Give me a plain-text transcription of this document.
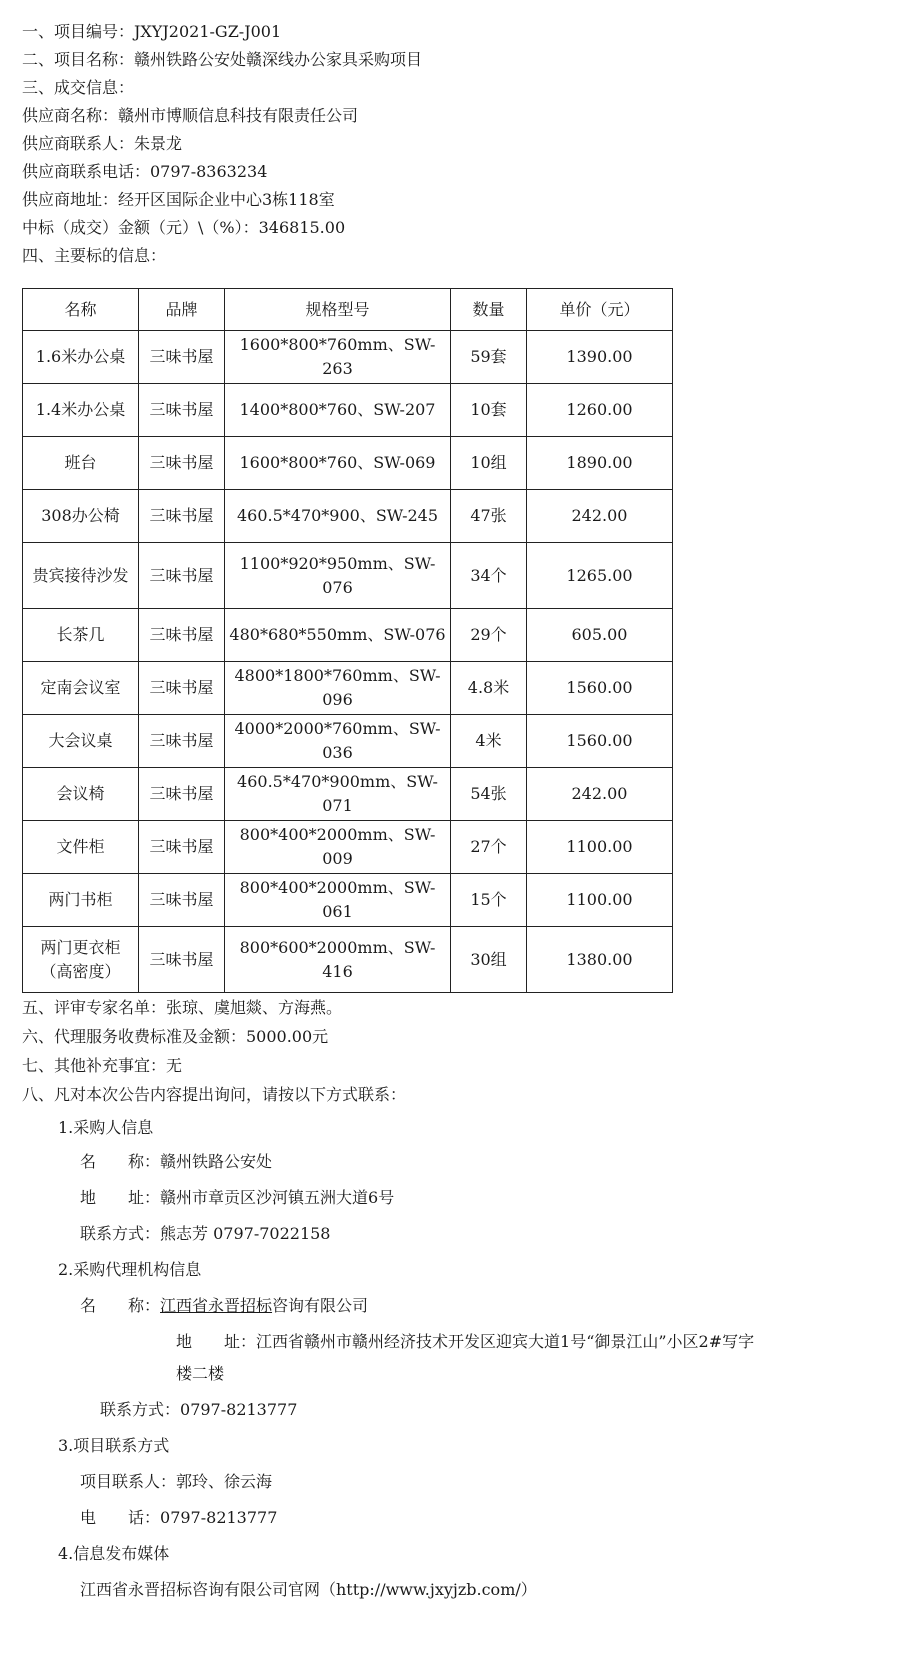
一、项目编号：JXYJ2021-GZ-J001
二、项目名称：赣州铁路公安处赣深线办公家具采购项目
三、成交信息：
供应商名称：赣州市博顺信息科技有限责任公司
供应商联系人：朱景龙
供应商联系电话：0797-8363234
供应商地址：经开区国际企业中心3栋118室
中标（成交）金额（元）\（%）：346815.00
四、主要标的信息：
名称	品牌	规格型号	数量	单价（元）
1.6米办公桌	三味书屋	1600*800*760mm、SW-263	59套	1390.00
1.4米办公桌	三味书屋	1400*800*760、SW-207	10套	1260.00
班台	三味书屋	1600*800*760、SW-069	10组	1890.00
308办公椅	三味书屋	460.5*470*900、SW-245	47张	242.00
贵宾接待沙发	三味书屋	1100*920*950mm、SW-076	34个	1265.00
长茶几	三味书屋	480*680*550mm、SW-076	29个	605.00
定南会议室	三味书屋	4800*1800*760mm、SW-096	4.8米	1560.00
大会议桌	三味书屋	4000*2000*760mm、SW-036	4米	1560.00
会议椅	三味书屋	460.5*470*900mm、SW-071	54张	242.00
文件柜	三味书屋	800*400*2000mm、SW-009	27个	1100.00
两门书柜	三味书屋	800*400*2000mm、SW-061	15个	1100.00
两门更衣柜（高密度）	三味书屋	800*600*2000mm、SW-416	30组	1380.00
五、评审专家名单：张琼、虞旭燚、方海燕。
六、代理服务收费标准及金额：5000.00元
七、其他补充事宜：无
八、凡对本次公告内容提出询问，请按以下方式联系：
1.采购人信息
名　　称：赣州铁路公安处
地　　址：赣州市章贡区沙河镇五洲大道6号
联系方式：熊志芳 0797-7022158
2.采购代理机构信息
名　　称：江西省永晋招标咨询有限公司
地　　址：江西省赣州市赣州经济技术开发区迎宾大道1号“御景江山”小区2#写字
楼二楼
联系方式：0797-8213777
3.项目联系方式
项目联系人：郭玲、徐云海
电　　话：0797-8213777
4.信息发布媒体
江西省永晋招标咨询有限公司官网（http://www.jxyjzb.com/）
